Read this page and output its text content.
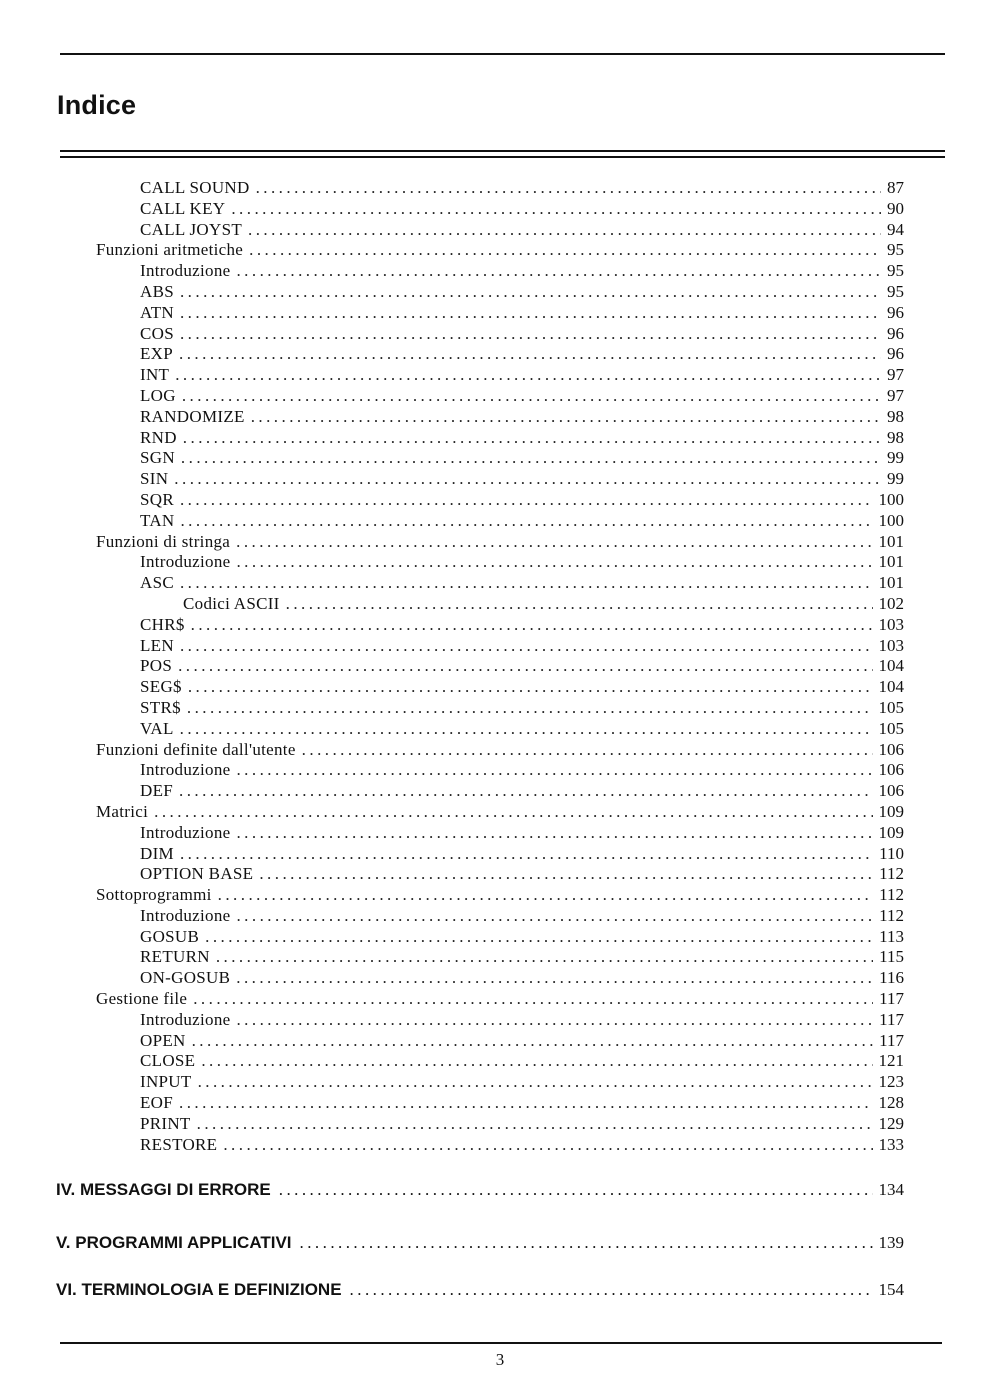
Indice
CALL SOUND . . .	87
CALL KEY . . .	90
CALL JOYST . . .	94
Funzioni aritmetiche . . .	95
Introduzione . . .	95
ABS . . .	95
ATN . . .	96
COS . . .	96
EXP . . .	96
INT . . .	97
LOG . . .	97
RANDOMIZE . . .	98
RND . . .	98
SGN . . .	99
SIN . . .	99
SQR . . .	100
TAN . . .	100
Funzioni di stringa . . .	101
Introduzione . . .	101
ASC . . .	101
Codici ASCII . . .	102
CHR$ . . .	103
LEN . . .	103
POS . . .	104
SEG$ . . .	104
STR$ . . .	105
VAL . . .	105
Funzioni definite dall'utente . . .	106
Introduzione . . .	106
DEF . . .	106
Matrici . . .	109
Introduzione . . .	109
DIM . . .	110
OPTION BASE . . .	112
Sottoprogrammi . . .	112
Introduzione . . .	112
GOSUB . . .	113
RETURN . . .	115
ON-GOSUB . . .	116
Gestione file . . .	117
Introduzione . . .	117
OPEN . . .	117
CLOSE . . .	121
INPUT . . .	123
EOF . . .	128
PRINT . . .	129
RESTORE . . .	133
IV. MESSAGGI DI ERRORE . . .	134
V. PROGRAMMI APPLICATIVI . . .	139
VI. TERMINOLOGIA E DEFINIZIONE . . .	154
3
